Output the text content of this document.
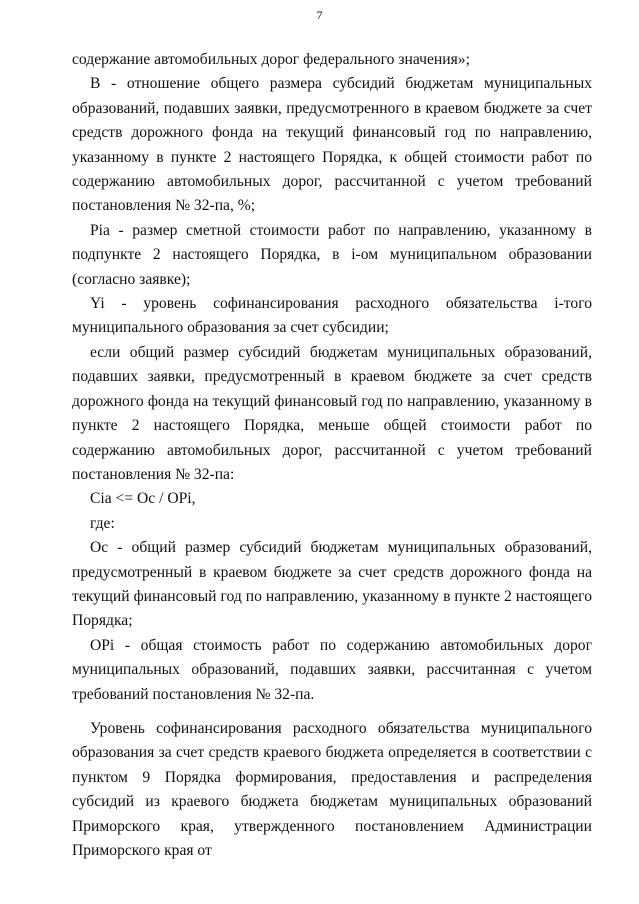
7

содержание автомобильных дорог федерального значения»;

В - отношение общего размера субсидий бюджетам муниципальных образований, подавших заявки, предусмотренного в краевом бюджете за счет средств дорожного фонда на текущий финансовый год по направлению, указанному в пункте 2 настоящего Порядка, к общей стоимости работ по содержанию автомобильных дорог, рассчитанной с учетом требований постановления № 32-па, %;

Pia - размер сметной стоимости работ по направлению, указанному в подпункте 2 настоящего Порядка, в i-ом муниципальном образовании (согласно заявке);

Yi - уровень софинансирования расходного обязательства i-того муниципального образования за счет субсидии;

если общий размер субсидий бюджетам муниципальных образований, подавших заявки, предусмотренный в краевом бюджете за счет средств дорожного фонда на текущий финансовый год по направлению, указанному в пункте 2 настоящего Порядка, меньше общей стоимости работ по содержанию автомобильных дорог, рассчитанной с учетом требований постановления № 32-па:

Cia <= Oc / OPi,

где:

Oc - общий размер субсидий бюджетам муниципальных образований, предусмотренный в краевом бюджете за счет средств дорожного фонда на текущий финансовый год по направлению, указанному в пункте 2 настоящего Порядка;

OPi - общая стоимость работ по содержанию автомобильных дорог муниципальных образований, подавших заявки, рассчитанная с учетом требований постановления № 32-па.

Уровень софинансирования расходного обязательства муниципального образования за счет средств краевого бюджета определяется в соответствии с пунктом 9 Порядка формирования, предоставления и распределения субсидий из краевого бюджета бюджетам муниципальных образований Приморского края, утвержденного постановлением Администрации Приморского края от
